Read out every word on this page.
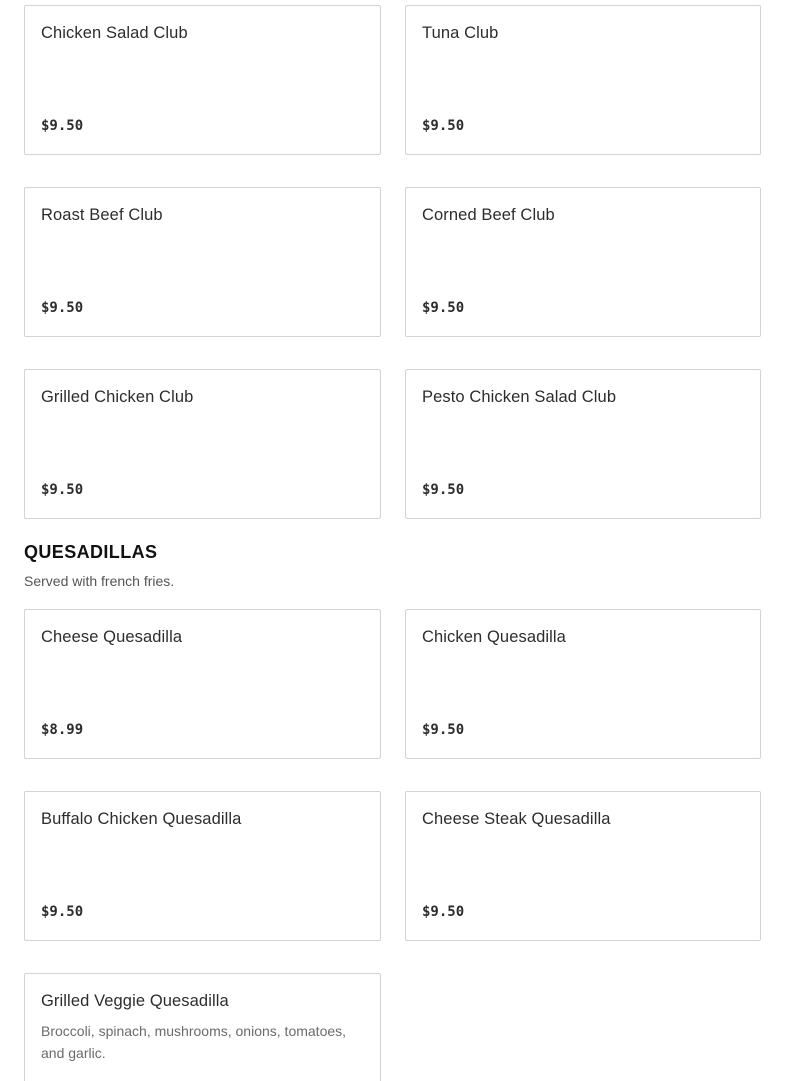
Chicken Salad Club
$9.50
Tuna Club
$9.50
Roast Beef Club
$9.50
Corned Beef Club
$9.50
Grilled Chicken Club
$9.50
Pesto Chicken Salad Club
$9.50
QUESADILLAS

Served with french fries.

Cheese Quesadilla
$8.99
Chicken Quesadilla
$9.50
Buffalo Chicken Quesadilla
$9.50
Cheese Steak Quesadilla
$9.50
Grilled Veggie Quesadilla
Broccoli, spinach, mushrooms, onions, tomatoes, and garlic.
